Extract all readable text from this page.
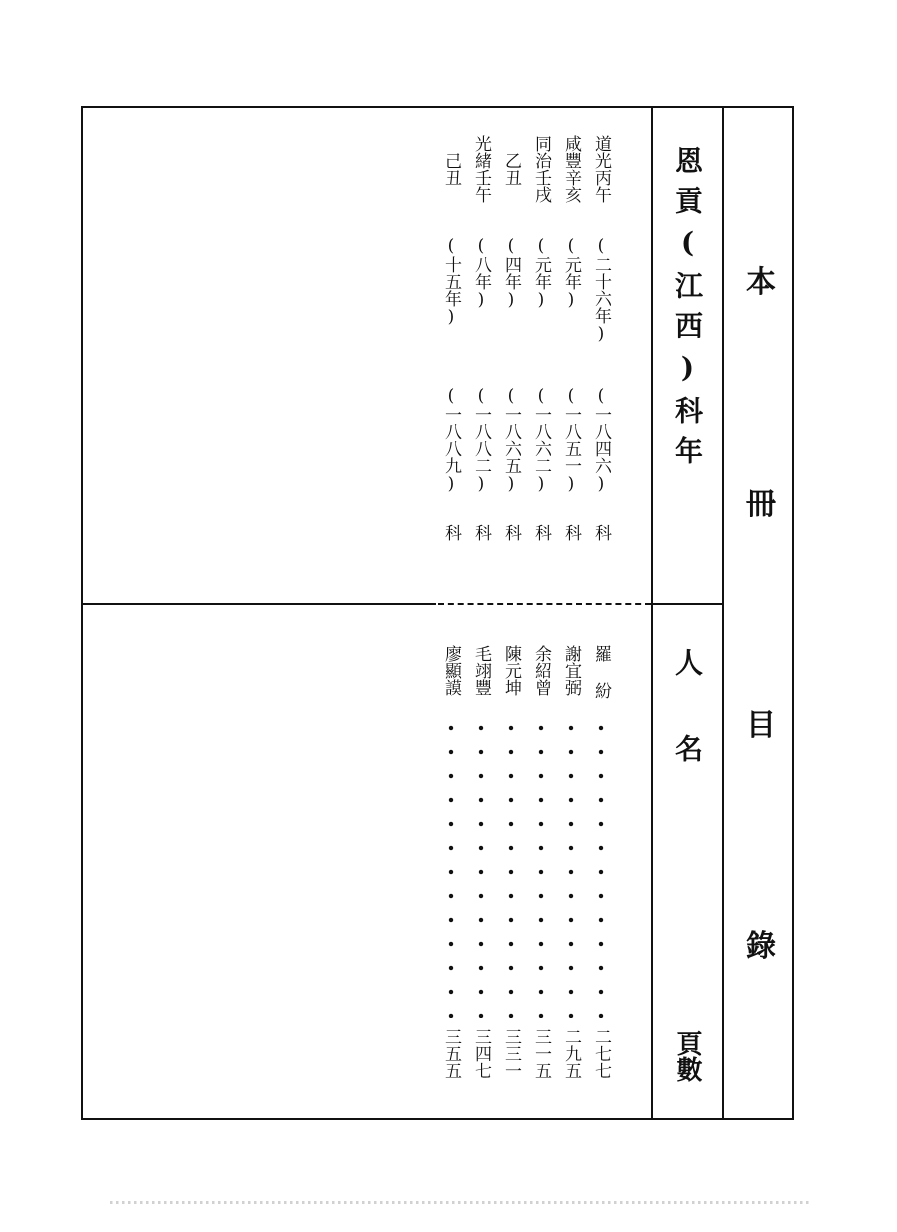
本
冊
目
錄
恩貢(江西)科年
人名
頁數
道光丙午
(二十六年)
(一八四六)
科
羅 紛
二七七
咸豐辛亥
(元年)
(一八五一)
科
謝宜弼
二九五
同治壬戌
(元年)
(一八六二)
科
余紹曾
三一五
　乙丑
(四年)
(一八六五)
科
陳元坤
三三一
光緒壬午
(八年)
(一八八二)
科
毛翊豐
三四七
　己丑
(十五年)
(一八八九)
科
廖顯謨
三五五
